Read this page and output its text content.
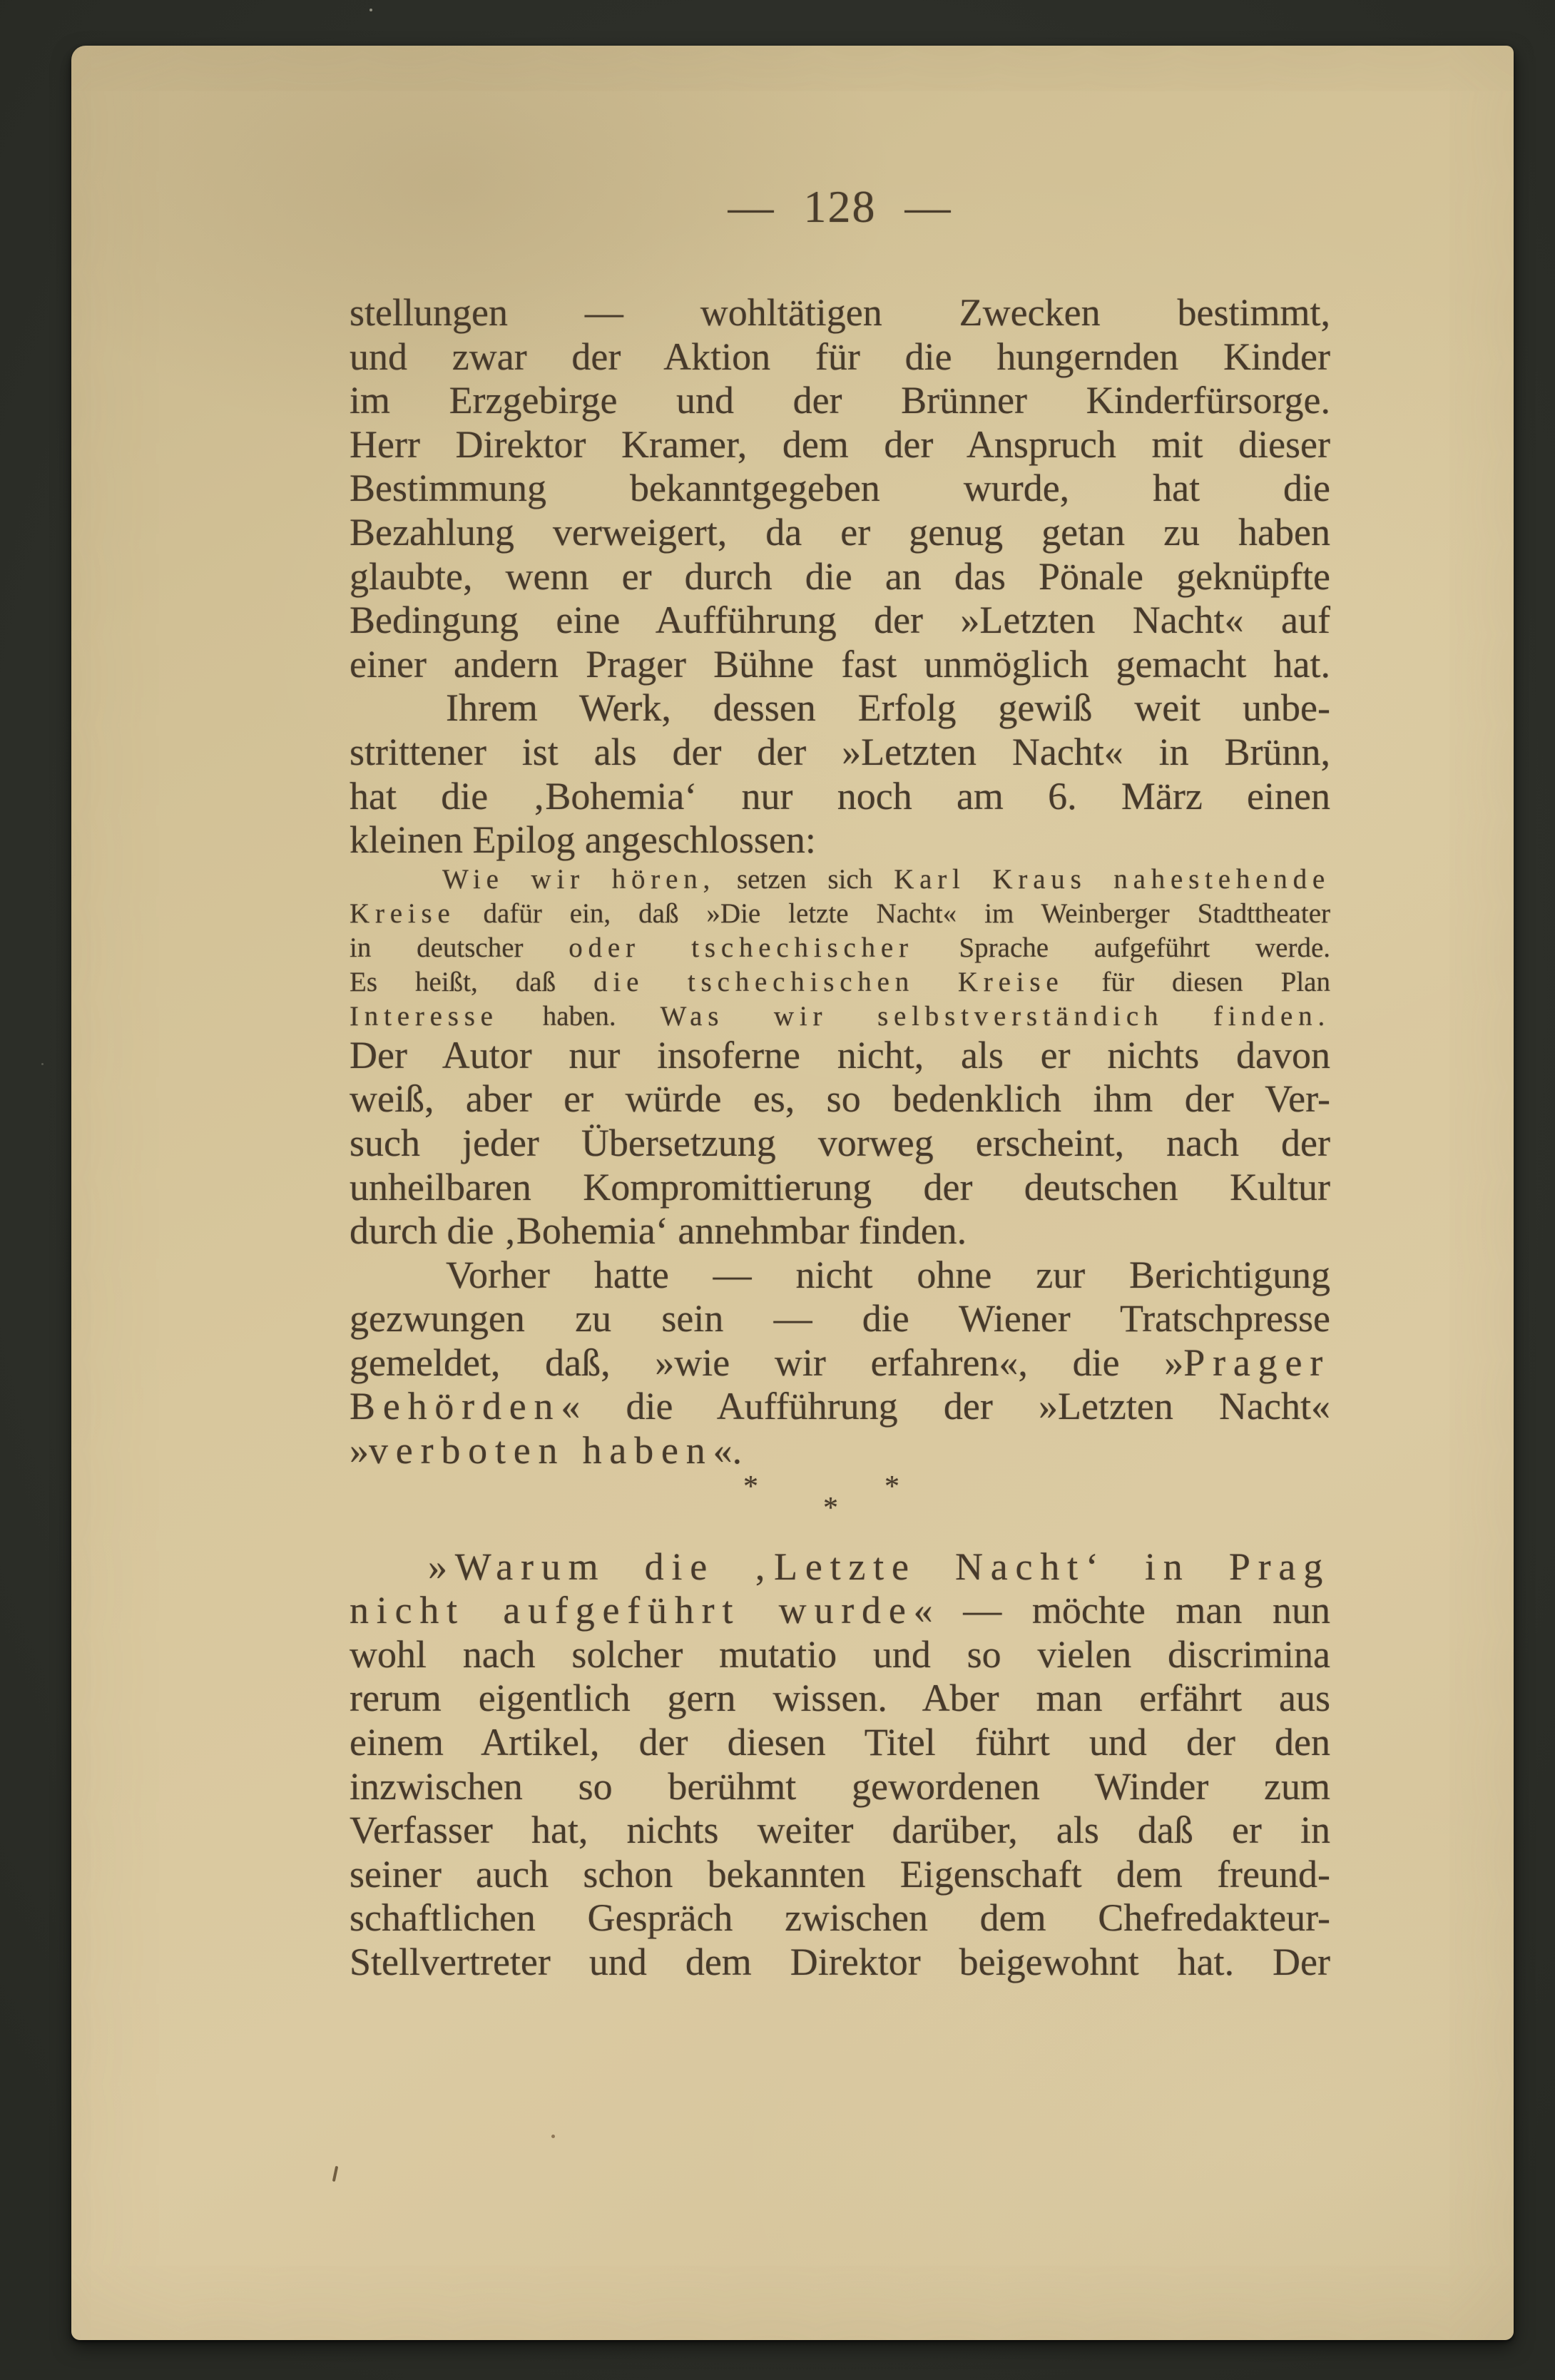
— 128 —
stellungen — wohltätigen Zwecken bestimmt,
und zwar der Aktion für die hungernden Kinder
im Erzgebirge und der Brünner Kinderfürsorge.
Herr Direktor Kramer, dem der Anspruch mit dieser
Bestimmung bekanntgegeben wurde, hat die
Bezahlung verweigert, da er genug getan zu haben
glaubte, wenn er durch die an das Pönale geknüpfte
Bedingung eine Aufführung der »Letzten Nacht« auf
einer andern Prager Bühne fast unmöglich gemacht hat.
Ihrem Werk, dessen Erfolg gewiß weit unbe-
strittener ist als der der »Letzten Nacht« in Brünn,
hat die ‚Bohemia‘ nur noch am 6. März einen
kleinen Epilog angeschlossen:
Wie wir hören, setzen sich Karl Kraus nahestehende
Kreise dafür ein, daß »Die letzte Nacht« im Weinberger Stadttheater
in deutscher oder tschechischer Sprache aufgeführt werde.
Es heißt, daß die tschechischen Kreise für diesen Plan
Interesse haben. Was wir selbstverständich finden.
Der Autor nur insoferne nicht, als er nichts davon
weiß, aber er würde es, so bedenklich ihm der Ver-
such jeder Übersetzung vorweg erscheint, nach der
unheilbaren Kompromittierung der deutschen Kultur
durch die ‚Bohemia‘ annehmbar finden.
Vorher hatte — nicht ohne zur Berichtigung
gezwungen zu sein — die Wiener Tratschpresse
gemeldet, daß, »wie wir erfahren«, die »Prager
Behörden« die Aufführung der »Letzten Nacht«
»verboten haben«.
*	*
*
»Warum die ‚Letzte Nacht‘ in Prag
nicht aufgeführt wurde« — möchte man nun
wohl nach solcher mutatio und so vielen discrimina
rerum eigentlich gern wissen. Aber man erfährt aus
einem Artikel, der diesen Titel führt und der den
inzwischen so berühmt gewordenen Winder zum
Verfasser hat, nichts weiter darüber, als daß er in
seiner auch schon bekannten Eigenschaft dem freund-
schaftlichen Gespräch zwischen dem Chefredakteur-
Stellvertreter und dem Direktor beigewohnt hat. Der
